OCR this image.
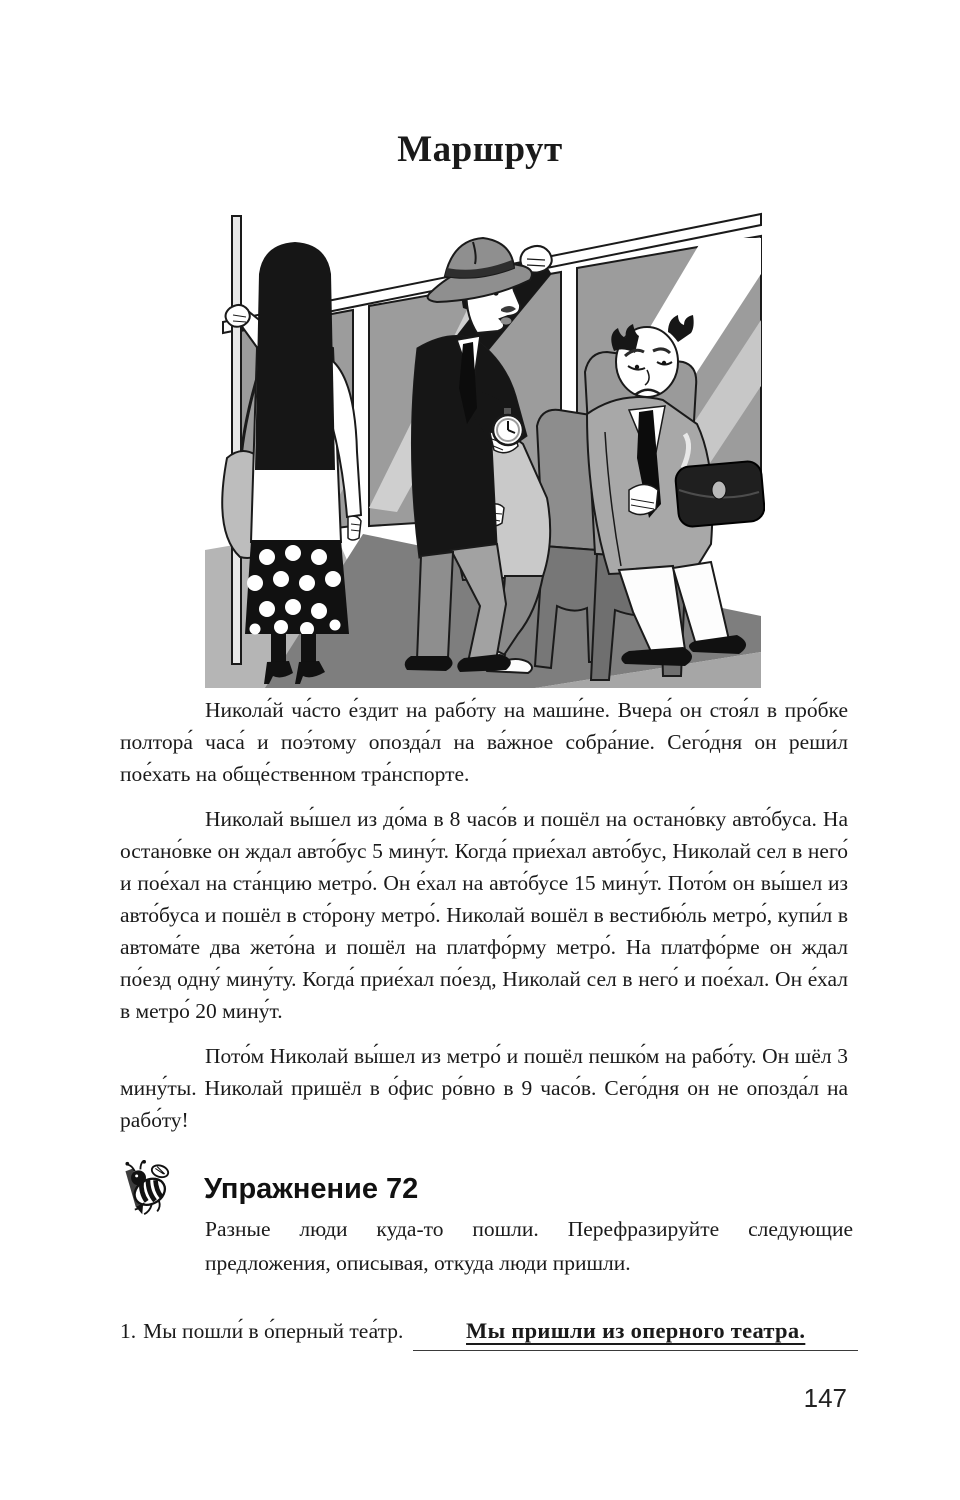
Маршрут

Никола́й ча́сто е́здит на рабо́ту на маши́не. Вчера́ он стоя́л в про́бке полтора́ часа́ и поэ́тому опозда́л на ва́жное собра́ние. Сего́дня он реши́л пое́хать на обще́ственном тра́нспорте.

Николай вы́шел из до́ма в 8 часо́в и пошёл на остано́вку авто́буса. На остано́вке он ждал авто́бус 5 мину́т. Когда́ прие́хал авто́бус, Николай сел в него́ и пое́хал на ста́нцию метро́. Он е́хал на авто́бусе 15 мину́т. Пото́м он вы́шел из авто́буса и пошёл в сто́рону метро́. Николай вошёл в вестибю́ль метро́, купи́л в автома́те два жето́на и пошёл на платфо́рму метро́. На платфо́рме он ждал по́езд одну́ мину́ту. Когда́ прие́хал по́езд, Николай сел в него́ и пое́хал. Он е́хал в метро́ 20 мину́т.

Пото́м Николай вы́шел из метро́ и пошёл пешко́м на рабо́ту. Он шёл 3 мину́ты. Николай пришёл в о́фис ро́вно в 9 часо́в. Сего́дня он не опозда́л на рабо́ту!

Упражнение 72

Разные люди куда-то пошли. Перефразируйте следующие предложения, описывая, откуда люди пришли.

1. Мы пошли́ в о́перный теа́тр.	Мы пришли из оперного театра.
147
